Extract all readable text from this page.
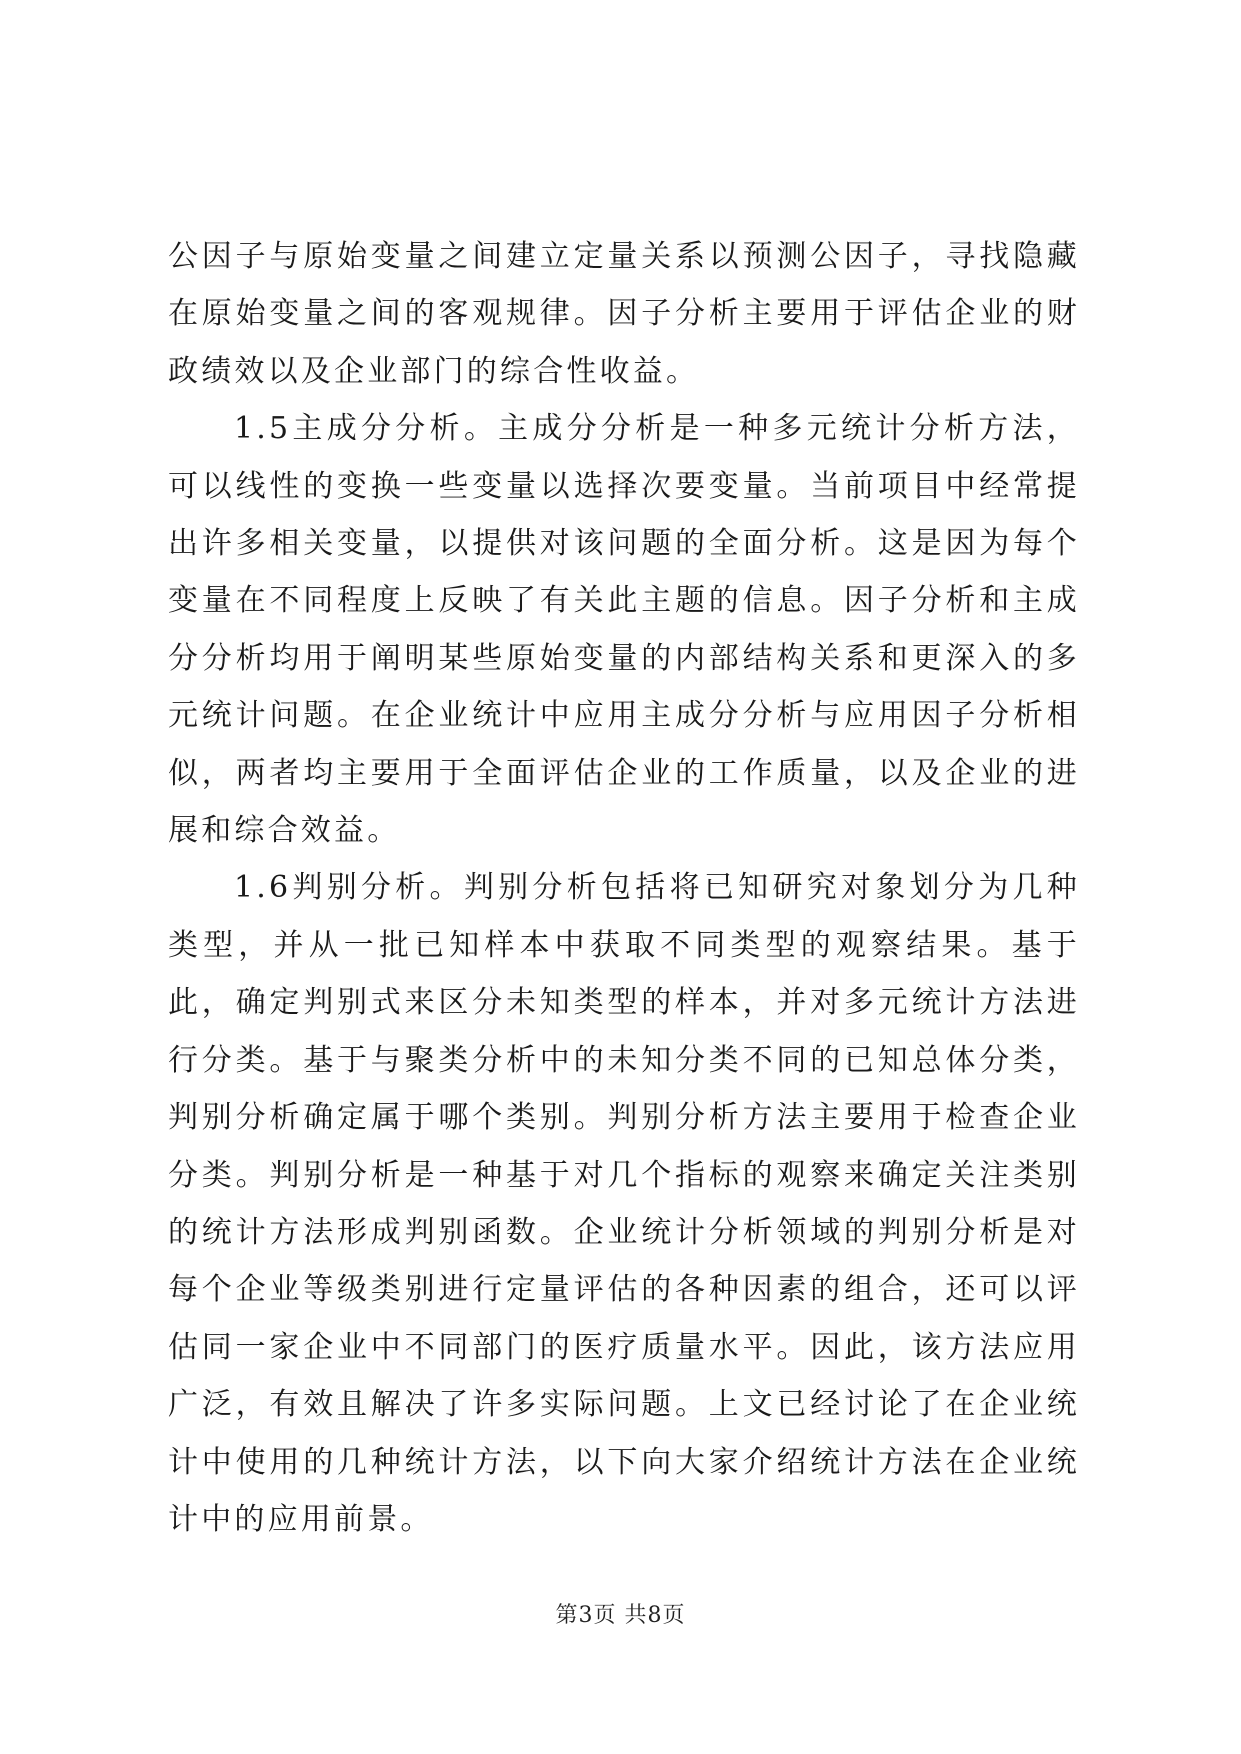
公因子与原始变量之间建立定量关系以预测公因子，寻找隐藏在原始变量之间的客观规律。因子分析主要用于评估企业的财政绩效以及企业部门的综合性收益。

1.5主成分分析。主成分分析是一种多元统计分析方法，可以线性的变换一些变量以选择次要变量。当前项目中经常提出许多相关变量，以提供对该问题的全面分析。这是因为每个变量在不同程度上反映了有关此主题的信息。因子分析和主成分分析均用于阐明某些原始变量的内部结构关系和更深入的多元统计问题。在企业统计中应用主成分分析与应用因子分析相似，两者均主要用于全面评估企业的工作质量，以及企业的进展和综合效益。

1.6判别分析。判别分析包括将已知研究对象划分为几种类型，并从一批已知样本中获取不同类型的观察结果。基于此，确定判别式来区分未知类型的样本，并对多元统计方法进行分类。基于与聚类分析中的未知分类不同的已知总体分类，判别分析确定属于哪个类别。判别分析方法主要用于检查企业分类。判别分析是一种基于对几个指标的观察来确定关注类别的统计方法形成判别函数。企业统计分析领域的判别分析是对每个企业等级类别进行定量评估的各种因素的组合，还可以评估同一家企业中不同部门的医疗质量水平。因此，该方法应用广泛，有效且解决了许多实际问题。上文已经讨论了在企业统计中使用的几种统计方法，以下向大家介绍统计方法在企业统计中的应用前景。

第3页 共8页
